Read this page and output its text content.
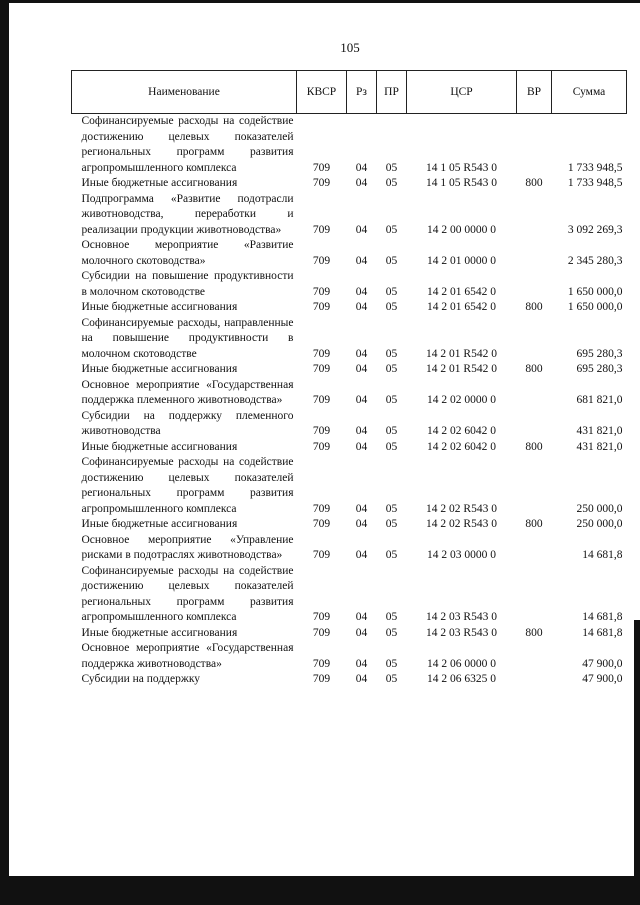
105
Наименование	КВСР	Рз	ПР	ЦСР	ВР	Сумма
Софинансируемые расходы на содействие достижению целевых показателей региональных программ развития агропромышленного комплекса	709	04	05	14 1 05 R543 0		1 733 948,5
Иные бюджетные ассигнования	709	04	05	14 1 05 R543 0	800	1 733 948,5
Подпрограмма «Развитие подотрасли животноводства, переработки и реализации продукции животноводства»	709	04	05	14 2 00 0000 0		3 092 269,3
Основное мероприятие «Развитие молочного скотоводства»	709	04	05	14 2 01 0000 0		2 345 280,3
Субсидии на повышение продуктивности в молочном скотоводстве	709	04	05	14 2 01 6542 0		1 650 000,0
Иные бюджетные ассигнования	709	04	05	14 2 01 6542 0	800	1 650 000,0
Софинансируемые расходы, направленные на повышение продуктивности в молочном скотоводстве	709	04	05	14 2 01 R542 0		695 280,3
Иные бюджетные ассигнования	709	04	05	14 2 01 R542 0	800	695 280,3
Основное мероприятие «Государственная поддержка племенного животноводства»	709	04	05	14 2 02 0000 0		681 821,0
Субсидии на поддержку племенного животноводства	709	04	05	14 2 02 6042 0		431 821,0
Иные бюджетные ассигнования	709	04	05	14 2 02 6042 0	800	431 821,0
Софинансируемые расходы на содействие достижению целевых показателей региональных программ развития агропромышленного комплекса	709	04	05	14 2 02 R543 0		250 000,0
Иные бюджетные ассигнования	709	04	05	14 2 02 R543 0	800	250 000,0
Основное мероприятие «Управление рисками в подотраслях животноводства»	709	04	05	14 2 03 0000 0		14 681,8
Софинансируемые расходы на содействие достижению целевых показателей региональных программ развития агропромышленного комплекса	709	04	05	14 2 03 R543 0		14 681,8
Иные бюджетные ассигнования	709	04	05	14 2 03 R543 0	800	14 681,8
Основное мероприятие «Государственная поддержка животноводства»	709	04	05	14 2 06 0000 0		47 900,0
Субсидии на поддержку	709	04	05	14 2 06 6325 0		47 900,0
